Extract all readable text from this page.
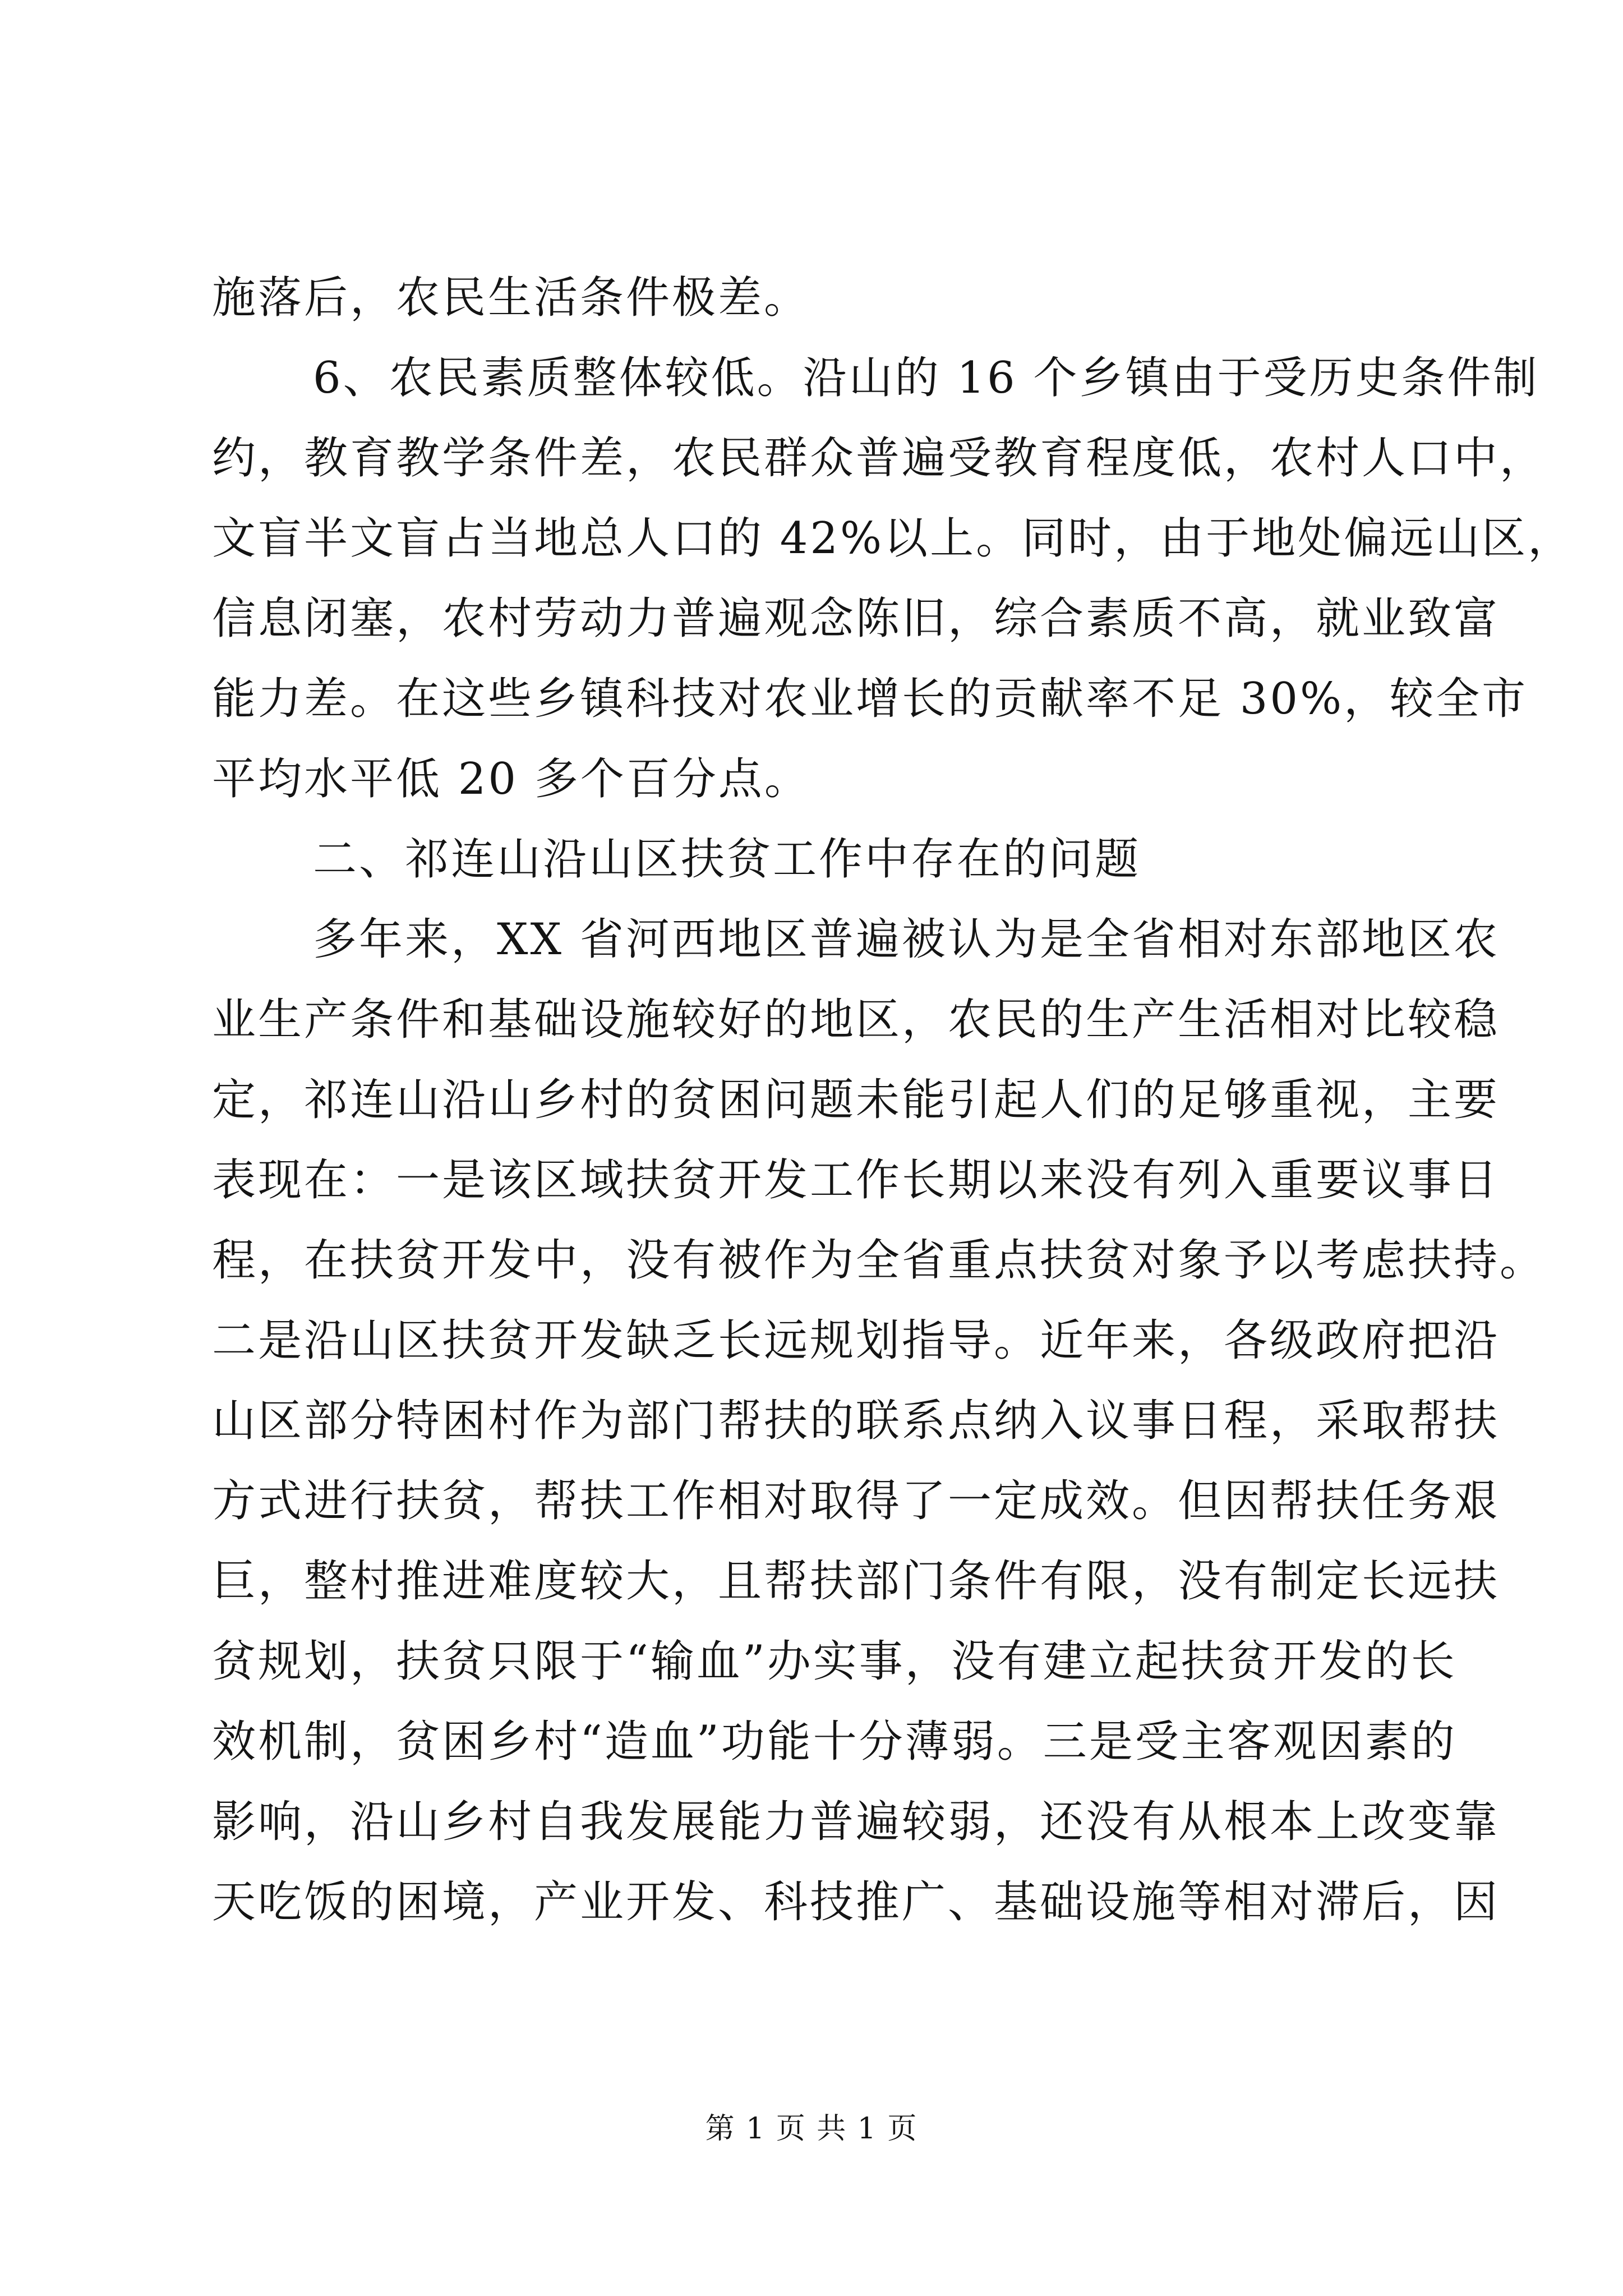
施落后，农民生活条件极差。
6、农民素质整体较低。沿山的 16 个乡镇由于受历史条件制
约，教育教学条件差，农民群众普遍受教育程度低，农村人口中，
文盲半文盲占当地总人口的 42%以上。同时，由于地处偏远山区，
信息闭塞，农村劳动力普遍观念陈旧，综合素质不高，就业致富
能力差。在这些乡镇科技对农业增长的贡献率不足 30%，较全市
平均水平低 20 多个百分点。
二、祁连山沿山区扶贫工作中存在的问题
多年来，XX 省河西地区普遍被认为是全省相对东部地区农
业生产条件和基础设施较好的地区，农民的生产生活相对比较稳
定，祁连山沿山乡村的贫困问题未能引起人们的足够重视，主要
表现在：一是该区域扶贫开发工作长期以来没有列入重要议事日
程，在扶贫开发中，没有被作为全省重点扶贫对象予以考虑扶持。
二是沿山区扶贫开发缺乏长远规划指导。近年来，各级政府把沿
山区部分特困村作为部门帮扶的联系点纳入议事日程，采取帮扶
方式进行扶贫，帮扶工作相对取得了一定成效。但因帮扶任务艰
巨，整村推进难度较大，且帮扶部门条件有限，没有制定长远扶
贫规划，扶贫只限于“输血”办实事，没有建立起扶贫开发的长
效机制，贫困乡村“造血”功能十分薄弱。三是受主客观因素的
影响，沿山乡村自我发展能力普遍较弱，还没有从根本上改变靠
天吃饭的困境，产业开发、科技推广、基础设施等相对滞后，因
第 1 页 共 1 页
